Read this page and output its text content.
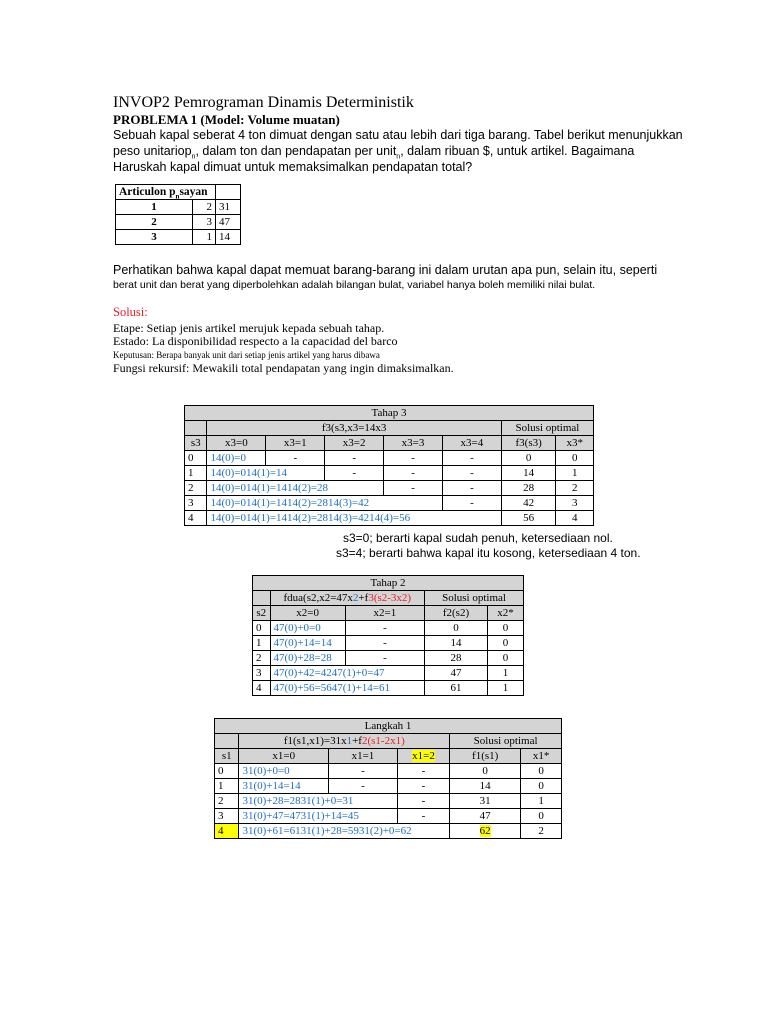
INVOP2 Pemrograman Dinamis Deterministik
PROBLEMA 1 (Model: Volume muatan)
Sebuah kapal seberat 4 ton dimuat dengan satu atau lebih dari tiga barang. Tabel berikut menunjukkan
peso unitariop$_n$, dalam ton dan pendapatan per unit$_n$, dalam ribuan $, untuk artikel. Bagaimana
Haruskah kapal dimuat untuk memaksimalkan pendapatan total?
Articulon $p_nsayan$		
1	2	31
2	3	47
3	1	14
Perhatikan bahwa kapal dapat memuat barang-barang ini dalam urutan apa pun, selain itu, seperti
berat unit dan berat yang diperbolehkan adalah bilangan bulat, variabel hanya boleh memiliki nilai bulat.
Solusi:
Etape: Setiap jenis artikel merujuk kepada sebuah tahap.
Estado: La disponibilidad respecto a la capacidad del barco
Keputusan: Berapa banyak unit dari setiap jenis artikel yang harus dibawa
Fungsi rekursif: Mewakili total pendapatan yang ingin dimaksimalkan.
Tahap 3							
	f3(s3,x3=14x3					Solusi optimal	
s3	x3=0	x3=1	x3=2	x3=3	x3=4	f3(s3)	x3*
0	14(0)=0	-	-	-	-	0	0
1	14(0)=014(1)=14		-	-	-	14	1
2	14(0)=014(1)=1414(2)=28			-	-	28	2
3	14(0)=014(1)=1414(2)=2814(3)=42				-	42	3
4	14(0)=014(1)=1414(2)=2814(3)=4214(4)=56					56	4
s3=0; berarti kapal sudah penuh, ketersediaan nol.
s3=4; berarti bahwa kapal itu kosong, ketersediaan 4 ton.
Tahap 2				
	fdua(s2,x2=47x2+f3(s2-3x2)		Solusi optimal	
s2	x2=0	x2=1	f2(s2)	x2*
0	47(0)+0=0	-	0	0
1	47(0)+14=14	-	14	0
2	47(0)+28=28	-	28	0
3	47(0)+42=4247(1)+0=47		47	1
4	47(0)+56=5647(1)+14=61		61	1
Langkah 1					
	f1(s1,x1)=31x1+f2(s1-2x1)			Solusi optimal	
s1	x1=0	x1=1	x1=2	f1(s1)	x1*
0	31(0)+0=0	-	-	0	0
1	31(0)+14=14	-	-	14	0
2	31(0)+28=2831(1)+0=31		-	31	1
3	31(0)+47=4731(1)+14=45		-	47	0
4	31(0)+61=6131(1)+28=5931(2)+0=62			62	2
